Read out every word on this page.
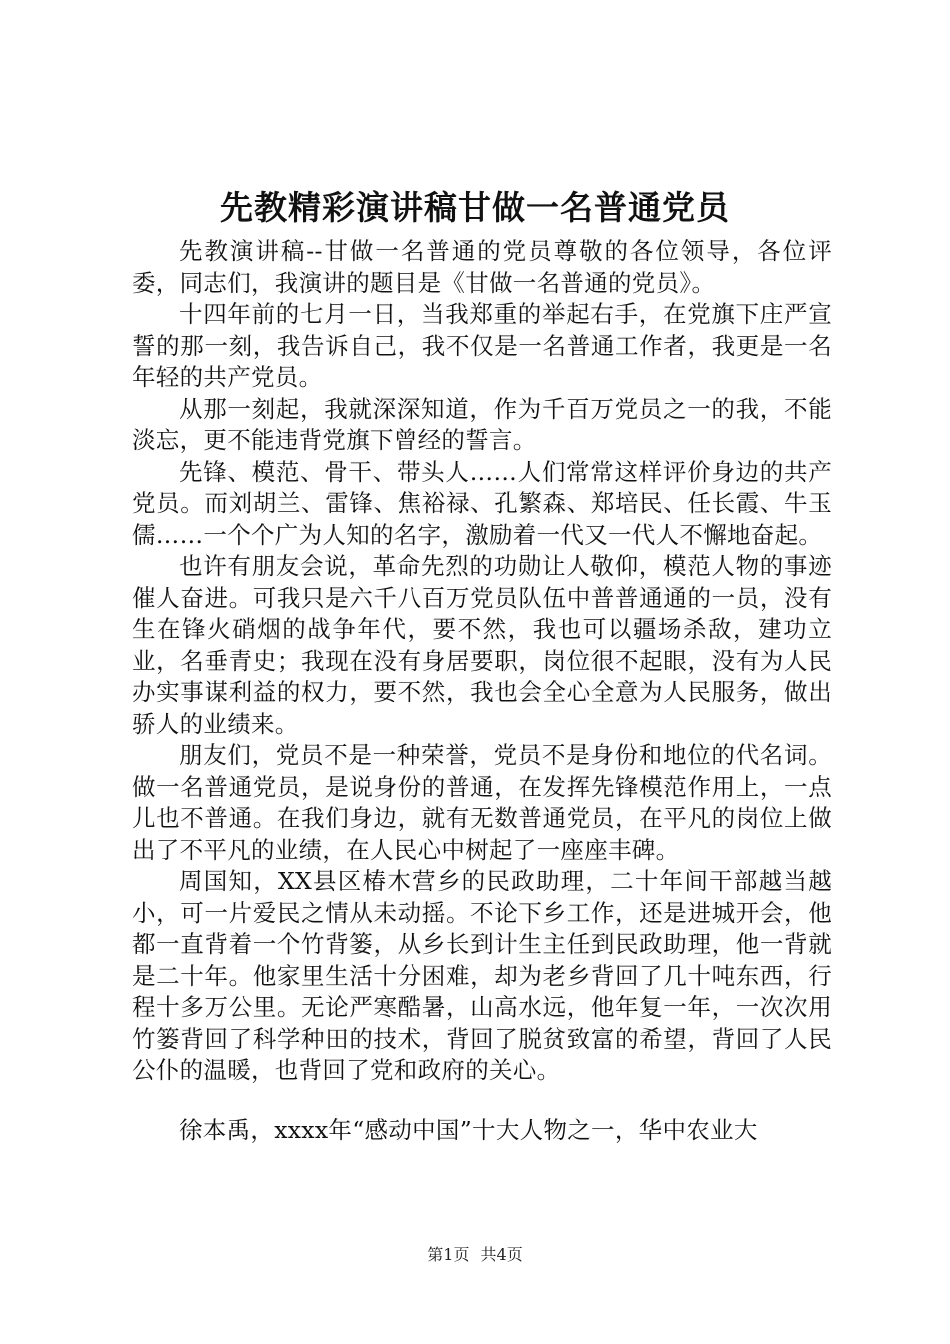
先教精彩演讲稿甘做一名普通党员

先教演讲稿--甘做一名普通的党员尊敬的各位领导，各位评委，同志们，我演讲的题目是《甘做一名普通的党员》。

十四年前的七月一日，当我郑重的举起右手，在党旗下庄严宣誓的那一刻，我告诉自己，我不仅是一名普通工作者，我更是一名年轻的共产党员。

从那一刻起，我就深深知道，作为千百万党员之一的我，不能淡忘，更不能违背党旗下曾经的誓言。

先锋、模范、骨干、带头人……人们常常这样评价身边的共产党员。而刘胡兰、雷锋、焦裕禄、孔繁森、郑培民、任长霞、牛玉儒……一个个广为人知的名字，激励着一代又一代人不懈地奋起。

也许有朋友会说，革命先烈的功勋让人敬仰，模范人物的事迹催人奋进。可我只是六千八百万党员队伍中普普通通的一员，没有生在锋火硝烟的战争年代，要不然，我也可以疆场杀敌，建功立业，名垂青史；我现在没有身居要职，岗位很不起眼，没有为人民办实事谋利益的权力，要不然，我也会全心全意为人民服务，做出骄人的业绩来。

朋友们，党员不是一种荣誉，党员不是身份和地位的代名词。做一名普通党员，是说身份的普通，在发挥先锋模范作用上，一点儿也不普通。在我们身边，就有无数普通党员，在平凡的岗位上做出了不平凡的业绩，在人民心中树起了一座座丰碑。

周国知，XX县区椿木营乡的民政助理，二十年间干部越当越小，可一片爱民之情从未动摇。不论下乡工作，还是进城开会，他都一直背着一个竹背篓，从乡长到计生主任到民政助理，他一背就是二十年。他家里生活十分困难，却为老乡背回了几十吨东西，行程十多万公里。无论严寒酷暑，山高水远，他年复一年，一次次用竹篓背回了科学种田的技术，背回了脱贫致富的希望，背回了人民公仆的温暖，也背回了党和政府的关心。

徐本禹，xxxx年“感动中国”十大人物之一，华中农业大

第1页 共4页
